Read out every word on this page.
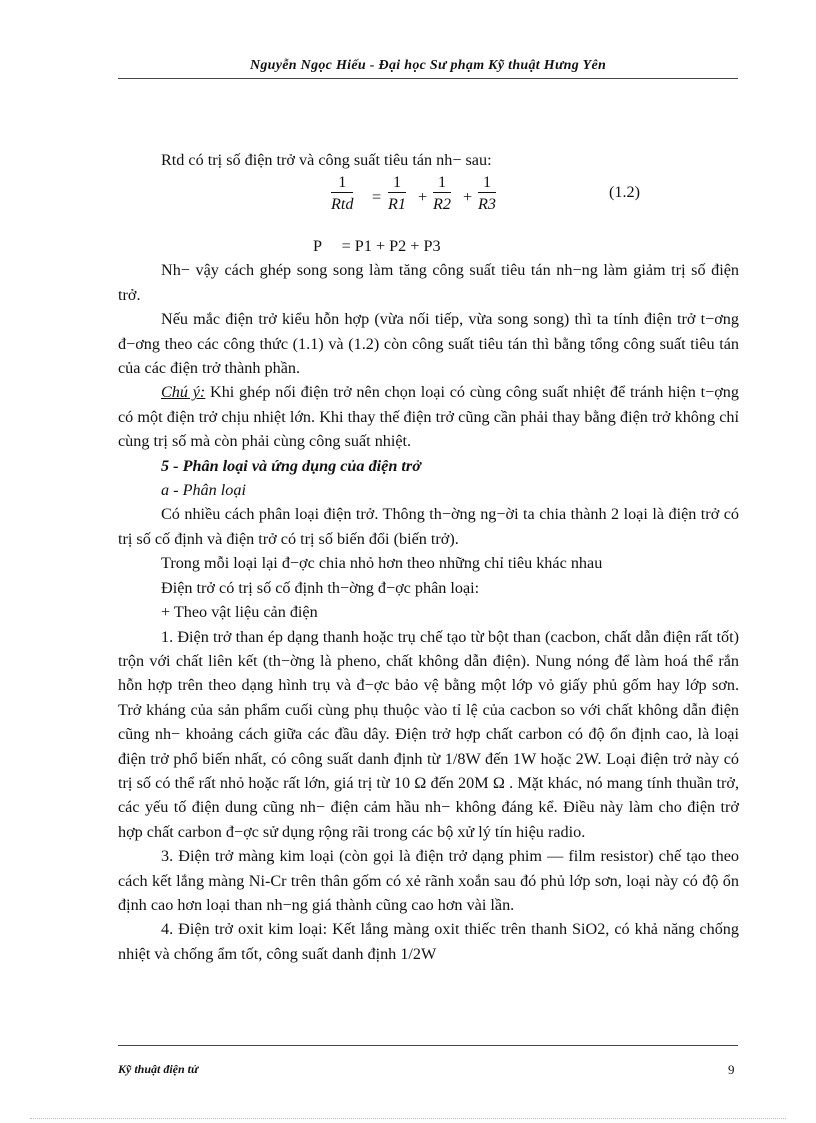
Nguyễn Ngọc Hiếu - Đại học Sư phạm Kỹ thuật Hưng Yên

Rtd có trị số điện trở và công suất tiêu tán nh− sau:

1
Rtd = $\frac{1}{R1} + \frac{1}{R2} + \frac{1}{R3}$	(1.2)
P     = P1 + P2 + P3

Nh− vậy cách ghép song song làm tăng công suất tiêu tán nh−ng làm giảm trị số điện trở.

Nếu mắc điện trở kiểu hỗn hợp (vừa nối tiếp, vừa song song) thì ta tính điện trở t−ơng đ−ơng theo các công thức (1.1) và (1.2) còn công suất tiêu tán thì bằng tổng công suất tiêu tán của các điện trở thành phần.

Chú ý: Khi ghép nối điện trở nên chọn loại có cùng công suất nhiệt để tránh hiện t−ợng có một điện trở chịu nhiệt lớn. Khi thay thế điện trở cũng cần phải thay bằng điện trở không chỉ cùng trị số mà còn phải cùng công suất nhiệt.

5 - Phân loại và ứng dụng của điện trở

a - Phân loại

Có nhiều cách phân loại điện trở. Thông th−ờng ng−ời ta chia thành 2 loại là điện trở có trị số cố định và điện trở có trị số biến đổi (biến trở).

Trong mỗi loại lại đ−ợc chia nhỏ hơn theo những chỉ tiêu khác nhau

Điện trở có trị số cố định th−ờng đ−ợc phân loại:

+ Theo vật liệu cản điện

1. Điện trở than ép dạng thanh hoặc trụ chế tạo từ bột than (cacbon, chất dẫn điện rất tốt) trộn với chất liên kết (th−ờng là pheno, chất không dẫn điện). Nung nóng để làm hoá thể rắn hỗn hợp trên theo dạng hình trụ và đ−ợc bảo vệ bằng một lớp vỏ giấy phủ gốm hay lớp sơn. Trở kháng của sản phẩm cuối cùng phụ thuộc vào tỉ lệ của cacbon so với chất không dẫn điện cũng nh− khoảng cách giữa các đầu dây. Điện trở hợp chất carbon có độ ổn định cao, là loại điện trở phổ biến nhất, có công suất danh định từ 1/8W đến 1W hoặc 2W. Loại điện trở này có trị số có thể rất nhỏ hoặc rất lớn, giá trị từ 10 Ω đến 20M Ω . Mặt khác, nó mang tính thuần trở, các yếu tố điện dung cũng nh− điện cảm hầu nh− không đáng kể. Điều này làm cho điện trở hợp chất carbon đ−ợc sử dụng rộng rãi trong các bộ xử lý tín hiệu radio.

3. Điện trở màng kim loại (còn gọi là điện trở dạng phim — film resistor) chế tạo theo cách kết lắng màng Ni-Cr trên thân gốm có xẻ rãnh xoắn sau đó phủ lớp sơn, loại này có độ ổn định cao hơn loại than nh−ng giá thành cũng cao hơn vài lần.

4. Điện trở oxit kim loại: Kết lắng màng oxit thiếc trên thanh SiO2, có khả năng chống nhiệt và chống ẩm tốt, công suất danh định 1/2W

Kỹ thuật điện tử	9
